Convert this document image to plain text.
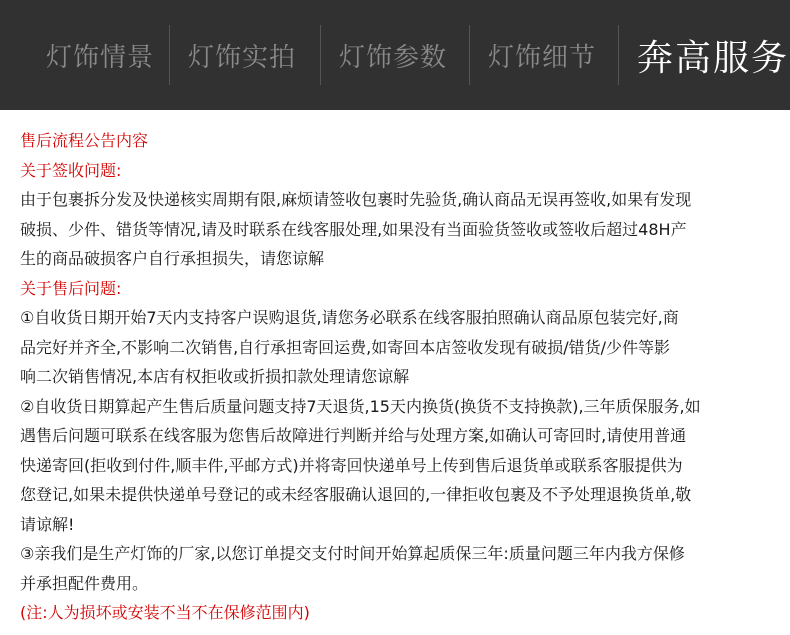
灯饰情景	灯饰实拍	灯饰参数	灯饰细节	奔高服务
售后流程公告内容
关于签收问题:
由于包裹拆分发及快递核实周期有限,麻烦请签收包裹时先验货,确认商品无误再签收,如果有发现
破损、少件、错货等情况,请及时联系在线客服处理,如果没有当面验货签收或签收后超过48H产
生的商品破损客户自行承担损失，请您谅解
关于售后问题:
①自收货日期开始7天内支持客户误购退货,请您务必联系在线客服拍照确认商品原包装完好,商
品完好并齐全,不影响二次销售,自行承担寄回运费,如寄回本店签收发现有破损/错货/少件等影
响二次销售情况,本店有权拒收或折损扣款处理请您谅解
②自收货日期算起产生售后质量问题支持7天退货,15天内换货(换货不支持换款),三年质保服务,如
遇售后问题可联系在线客服为您售后故障进行判断并给与处理方案,如确认可寄回时,请使用普通
快递寄回(拒收到付件,顺丰件,平邮方式)并将寄回快递单号上传到售后退货单或联系客服提供为
您登记,如果未提供快递单号登记的或未经客服确认退回的,一律拒收包裹及不予处理退换货单,敬
请谅解!
③亲我们是生产灯饰的厂家,以您订单提交支付时间开始算起质保三年:质量问题三年内我方保修
并承担配件费用。
(注:人为损坏或安装不当不在保修范围内)
